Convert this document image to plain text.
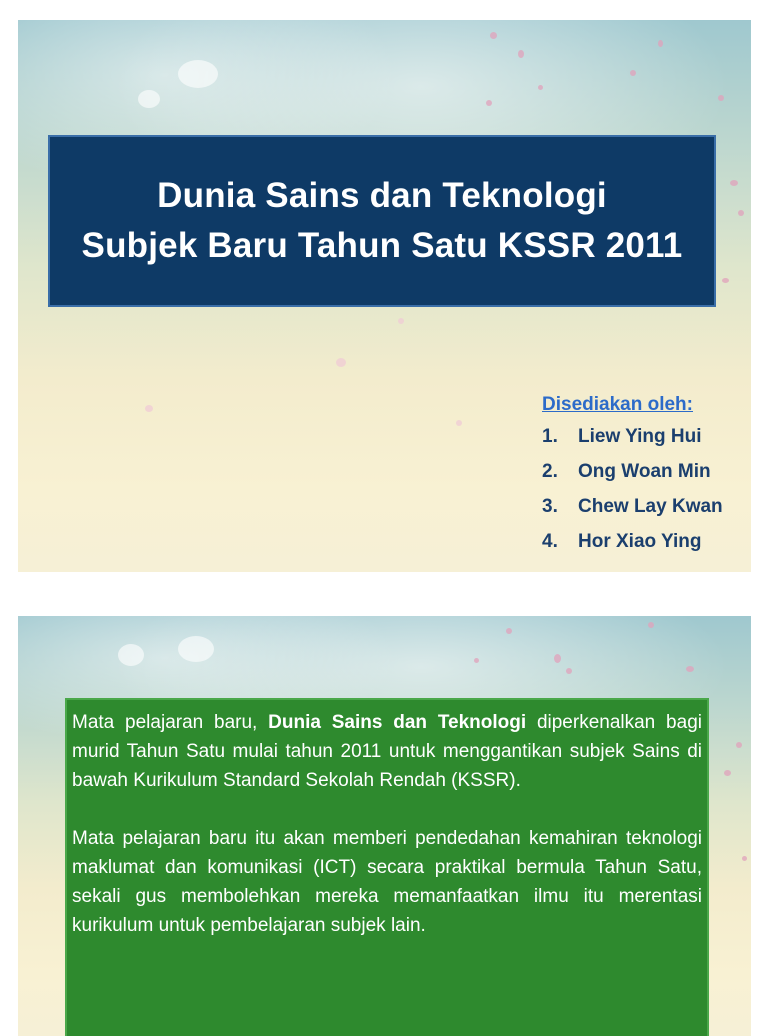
Dunia Sains dan Teknologi
Subjek Baru Tahun Satu KSSR 2011
Disediakan oleh:
1.	Liew Ying Hui
2.	Ong Woan Min
3.	Chew Lay Kwan
4.	Hor Xiao Ying

Mata pelajaran baru, Dunia Sains dan Teknologi diperkenalkan bagi murid Tahun Satu mulai tahun 2011 untuk menggantikan subjek Sains di bawah Kurikulum Standard Sekolah Rendah (KSSR).

Mata pelajaran baru itu akan memberi pendedahan kemahiran teknologi maklumat dan komunikasi (ICT) secara praktikal bermula Tahun Satu, sekali gus membolehkan mereka memanfaatkan ilmu itu merentasi kurikulum untuk pembelajaran subjek lain.
